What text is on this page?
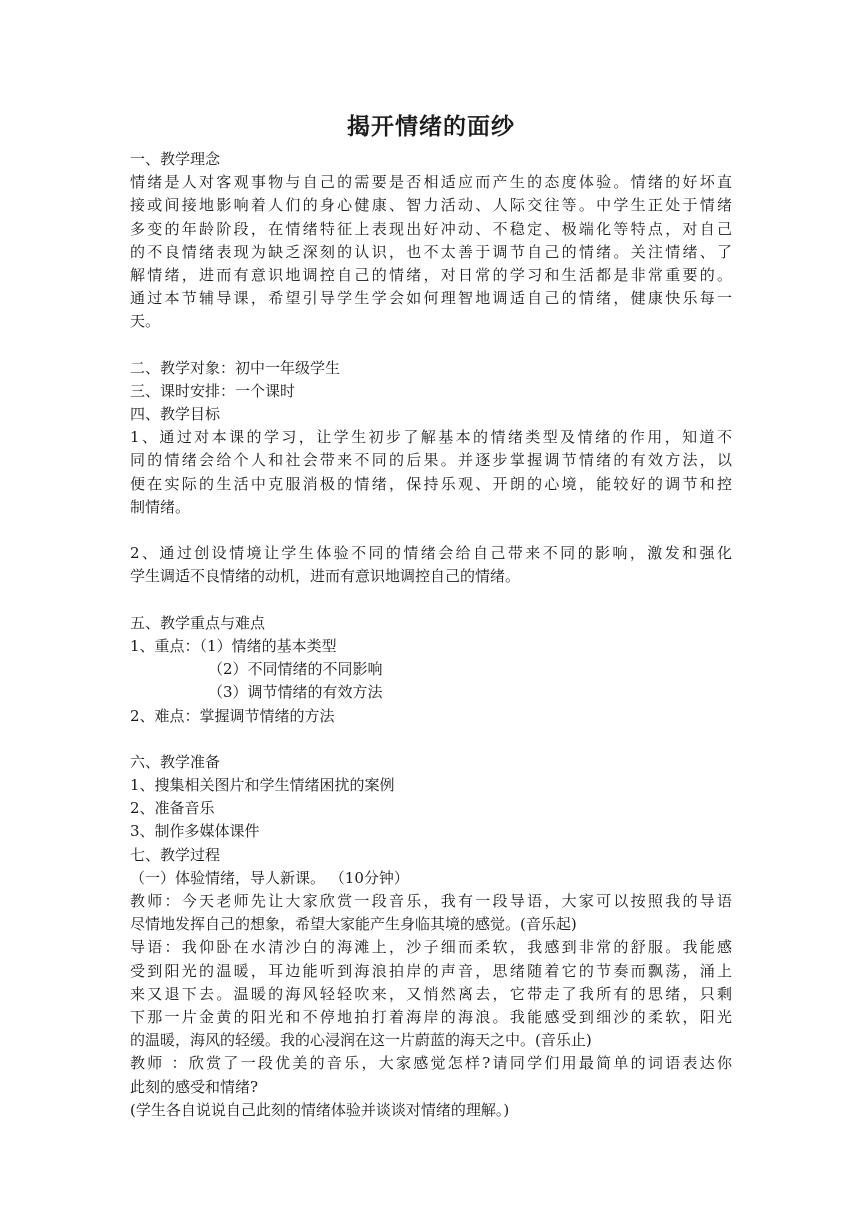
揭开情绪的面纱
一、教学理念
情绪是人对客观事物与自己的需要是否相适应而产生的态度体验。情绪的好坏直
接或间接地影响着人们的身心健康、智力活动、人际交往等。中学生正处于情绪
多变的年龄阶段，在情绪特征上表现出好冲动、不稳定、极端化等特点，对自己
的不良情绪表现为缺乏深刻的认识，也不太善于调节自己的情绪。关注情绪、了
解情绪，进而有意识地调控自己的情绪，对日常的学习和生活都是非常重要的。
通过本节辅导课，希望引导学生学会如何理智地调适自己的情绪，健康快乐每一
天。
二、教学对象：初中一年级学生
三、课时安排：一个课时
四、教学目标
1、通过对本课的学习，让学生初步了解基本的情绪类型及情绪的作用，知道不
同的情绪会给个人和社会带来不同的后果。并逐步掌握调节情绪的有效方法，以
便在实际的生活中克服消极的情绪，保持乐观、开朗的心境，能较好的调节和控
制情绪。
2、通过创设情境让学生体验不同的情绪会给自己带来不同的影响，激发和强化
学生调适不良情绪的动机，进而有意识地调控自己的情绪。
五、教学重点与难点
1、重点：（1）情绪的基本类型
（2）不同情绪的不同影响
（3）调节情绪的有效方法
2、难点：掌握调节情绪的方法
六、教学准备
1、搜集相关图片和学生情绪困扰的案例
2、准备音乐
3、制作多媒体课件
七、教学过程
（一）体验情绪，导人新课。 （10分钟）
教师：今天老师先让大家欣赏一段音乐，我有一段导语，大家可以按照我的导语
尽情地发挥自己的想象，希望大家能产生身临其境的感觉。(音乐起)
导语：我仰卧在水清沙白的海滩上，沙子细而柔软，我感到非常的舒服。我能感
受到阳光的温暖，耳边能听到海浪拍岸的声音，思绪随着它的节奏而飘荡，涌上
来又退下去。温暖的海风轻轻吹来，又悄然离去，它带走了我所有的思绪，只剩
下那一片金黄的阳光和不停地拍打着海岸的海浪。我能感受到细沙的柔软，阳光
的温暖，海风的轻缓。我的心浸润在这一片蔚蓝的海天之中。(音乐止)
教师 ：欣赏了一段优美的音乐，大家感觉怎样?请同学们用最简单的词语表达你
此刻的感受和情绪?
(学生各自说说自己此刻的情绪体验并谈谈对情绪的理解。)
